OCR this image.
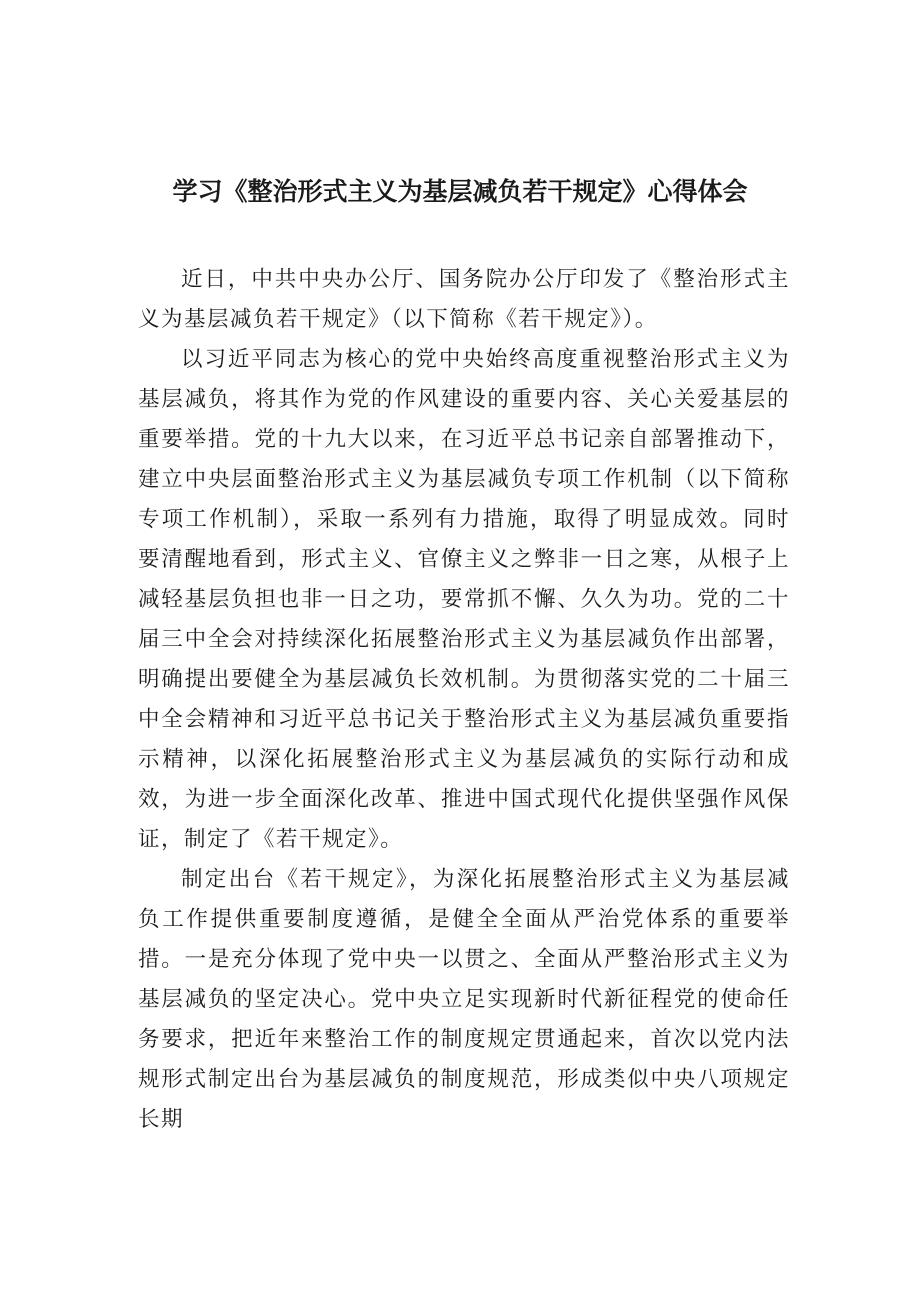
学习《整治形式主义为基层减负若干规定》心得体会

近日，中共中央办公厅、国务院办公厅印发了《整治形式主义为基层减负若干规定》（以下简称《若干规定》）。

以习近平同志为核心的党中央始终高度重视整治形式主义为基层减负，将其作为党的作风建设的重要内容、关心关爱基层的重要举措。党的十九大以来，在习近平总书记亲自部署推动下，建立中央层面整治形式主义为基层减负专项工作机制（以下简称专项工作机制），采取一系列有力措施，取得了明显成效。同时要清醒地看到，形式主义、官僚主义之弊非一日之寒，从根子上减轻基层负担也非一日之功，要常抓不懈、久久为功。党的二十届三中全会对持续深化拓展整治形式主义为基层减负作出部署，明确提出要健全为基层减负长效机制。为贯彻落实党的二十届三中全会精神和习近平总书记关于整治形式主义为基层减负重要指示精神，以深化拓展整治形式主义为基层减负的实际行动和成效，为进一步全面深化改革、推进中国式现代化提供坚强作风保证，制定了《若干规定》。

制定出台《若干规定》，为深化拓展整治形式主义为基层减负工作提供重要制度遵循，是健全全面从严治党体系的重要举措。一是充分体现了党中央一以贯之、全面从严整治形式主义为基层减负的坚定决心。党中央立足实现新时代新征程党的使命任务要求，把近年来整治工作的制度规定贯通起来，首次以党内法规形式制定出台为基层减负的制度规范，形成类似中央八项规定长期
